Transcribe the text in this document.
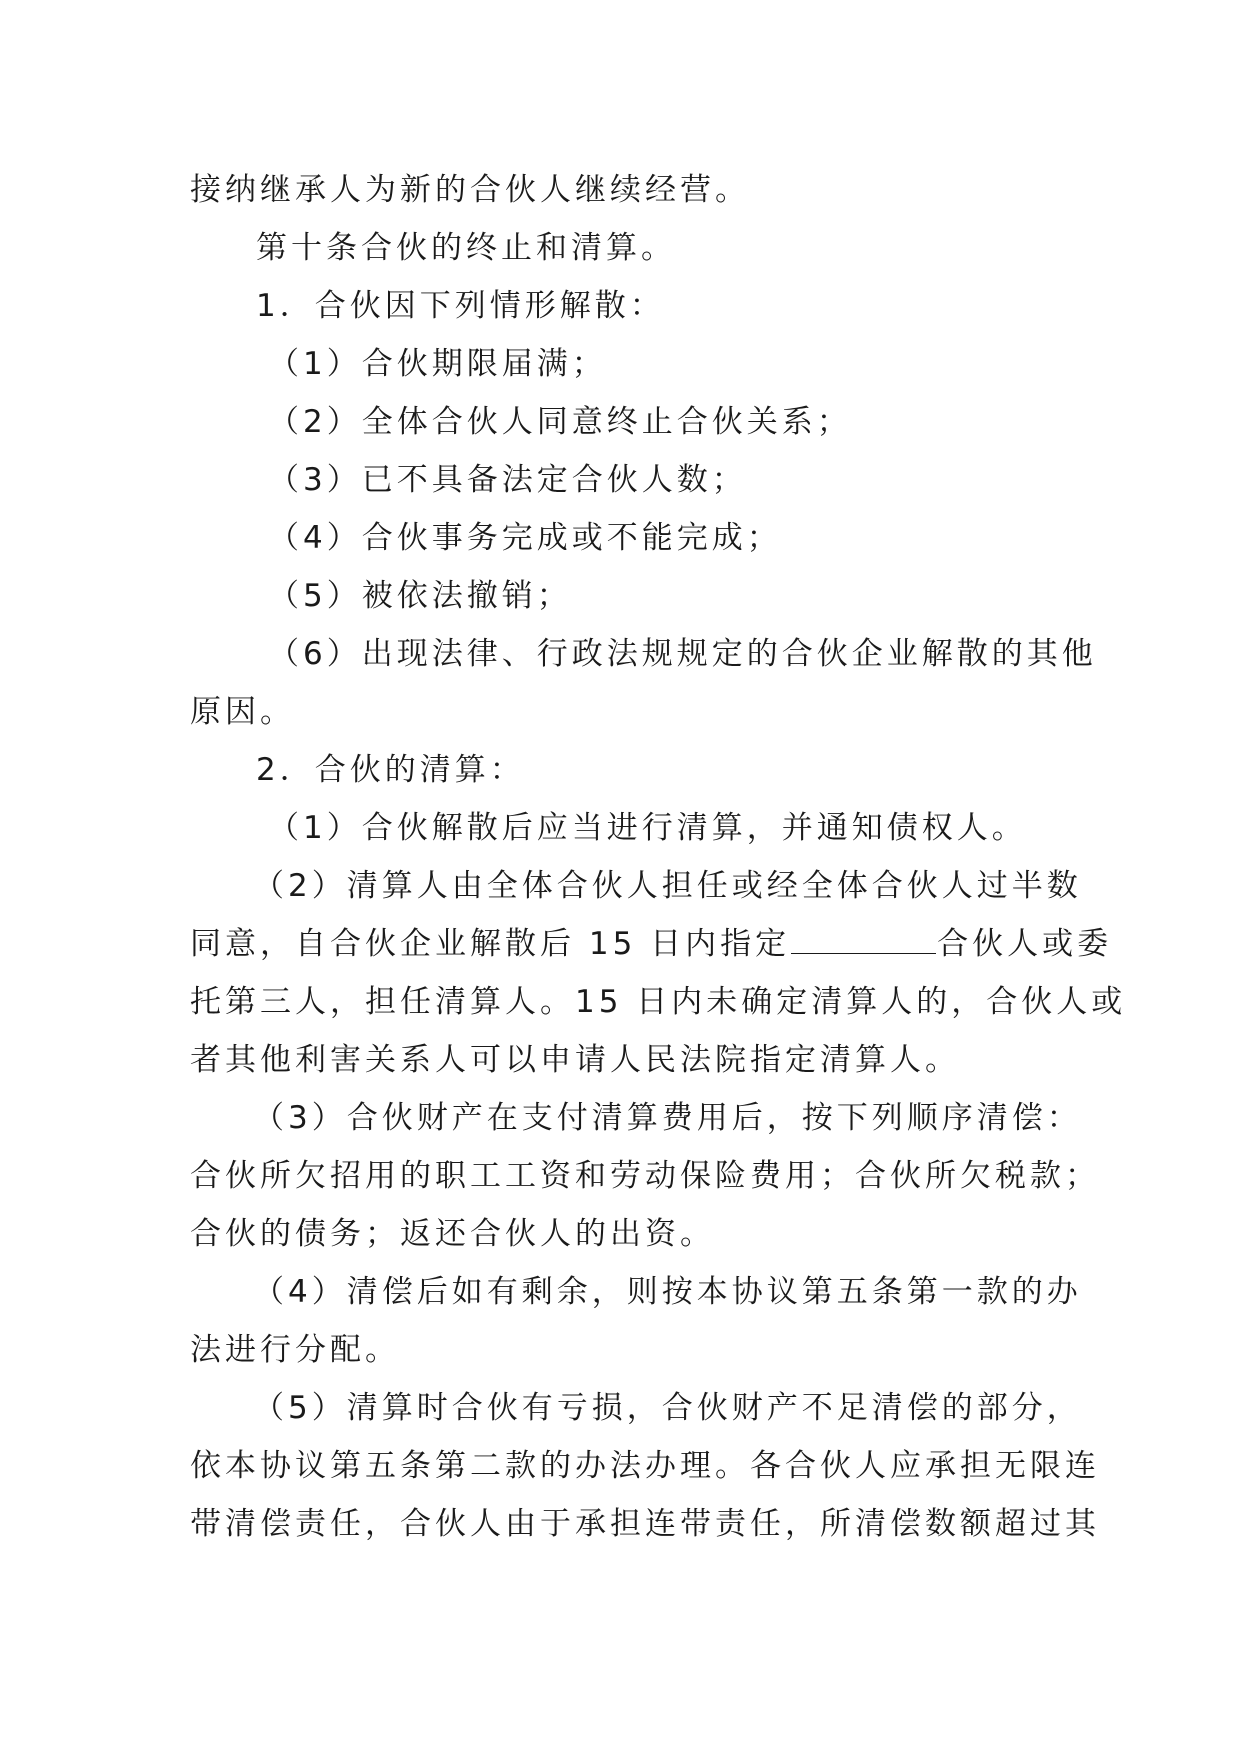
接纳继承人为新的合伙人继续经营。
第十条合伙的终止和清算。
1．合伙因下列情形解散：
（1）合伙期限届满；
（2）全体合伙人同意终止合伙关系；
（3）已不具备法定合伙人数；
（4）合伙事务完成或不能完成；
（5）被依法撤销；
（6）出现法律、行政法规规定的合伙企业解散的其他
原因。
2．合伙的清算：
（1）合伙解散后应当进行清算，并通知债权人。
（2）清算人由全体合伙人担任或经全体合伙人过半数
同意，自合伙企业解散后 15 日内指定	合伙人或委
托第三人，担任清算人。15 日内未确定清算人的，合伙人或
者其他利害关系人可以申请人民法院指定清算人。
（3）合伙财产在支付清算费用后，按下列顺序清偿：
合伙所欠招用的职工工资和劳动保险费用；合伙所欠税款；
合伙的债务；返还合伙人的出资。
（4）清偿后如有剩余，则按本协议第五条第一款的办
法进行分配。
（5）清算时合伙有亏损，合伙财产不足清偿的部分，
依本协议第五条第二款的办法办理。各合伙人应承担无限连
带清偿责任，合伙人由于承担连带责任，所清偿数额超过其
